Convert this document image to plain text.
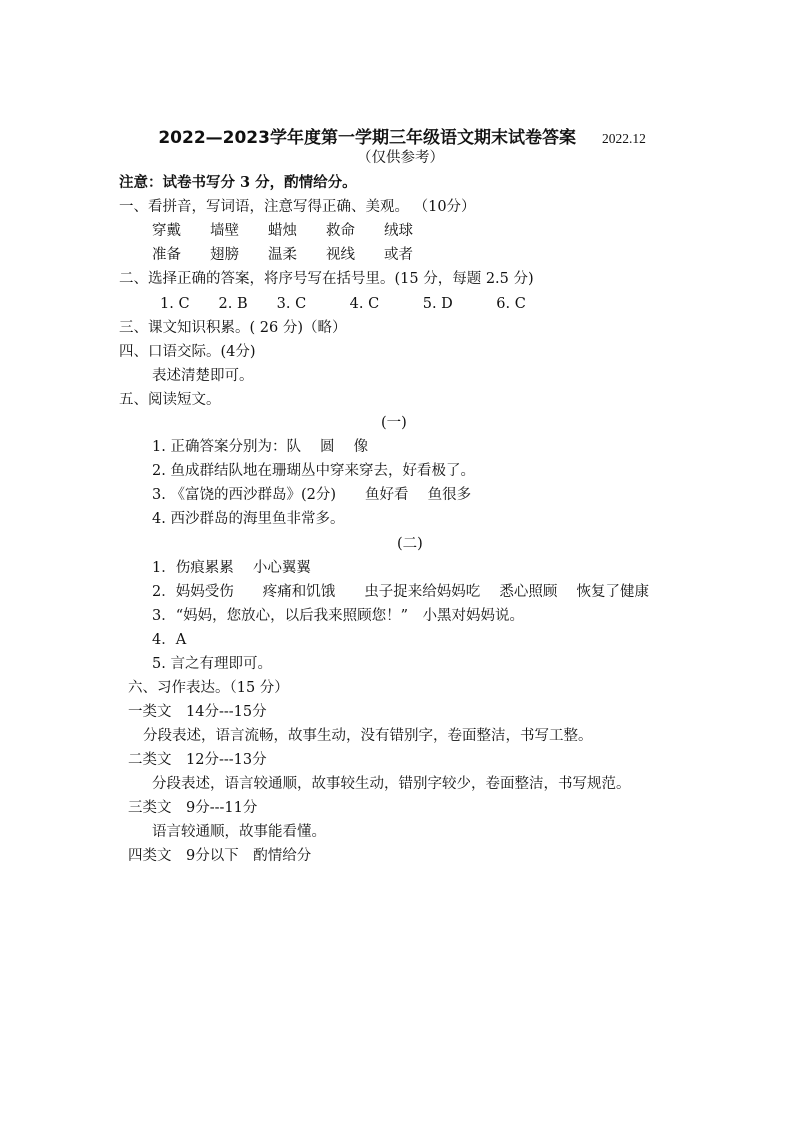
2022—2023学年度第一学期三年级语文期末试卷答案 2022.12

（仅供参考）
注意：试卷书写分 3 分，酌情给分。
一、看拼音，写词语，注意写得正确、美观。 （10分）
穿戴　　墙壁　　蜡烛　　救命　　绒球
准备　　翅膀　　温柔　　视线　　或者
二、选择正确的答案，将序号写在括号里。(15 分，每题 2.5 分)
1. C　　2. B　　3. C　　　4. C　　　5. D　　　6. C
三、课文知识积累。( 26 分)（略）
四、口语交际。(4分)
表述清楚即可。
五、阅读短文。
(一)
1. 正确答案分别为：队　 圆　 像
2. 鱼成群结队地在珊瑚丛中穿来穿去，好看极了。
3. 《富饶的西沙群岛》(2分)　　鱼好看　 鱼很多
4. 西沙群岛的海里鱼非常多。
(二)
1．伤痕累累　 小心翼翼
2．妈妈受伤　　疼痛和饥饿　　虫子捉来给妈妈吃　 悉心照顾　 恢复了健康
3．“妈妈，您放心，以后我来照顾您！”　小黑对妈妈说。
4．A
5. 言之有理即可。
六、习作表达。（15 分）
一类文　14分---15分
分段表述，语言流畅，故事生动，没有错别字，卷面整洁，书写工整。
二类文　12分---13分
分段表述，语言较通顺，故事较生动，错别字较少，卷面整洁，书写规范。
三类文　9分---11分
语言较通顺，故事能看懂。
四类文　9分以下　酌情给分
